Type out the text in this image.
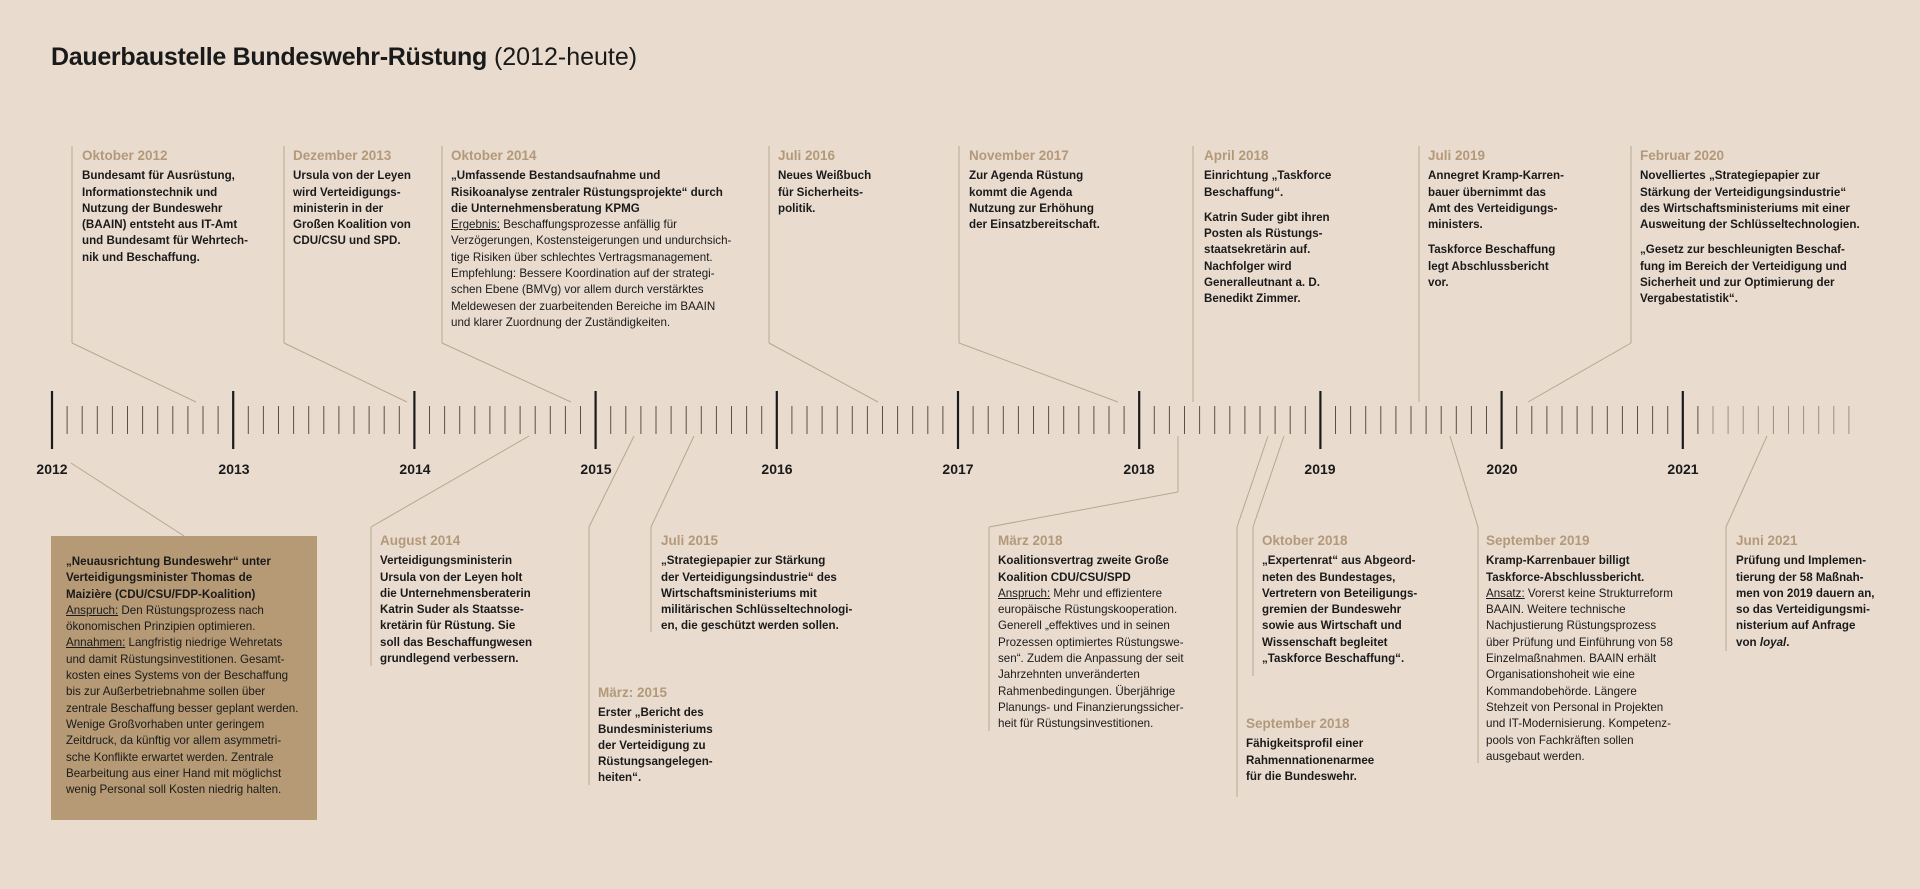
Dauerbaustelle Bundeswehr-Rüstung (2012-heute)
2012	2013	2014	2015	2016	2017	2018	2019	2020	2021
Oktober 2012
Bundesamt für Ausrüstung,
Informationstechnik und
Nutzung der Bundeswehr
(BAAIN) entsteht aus IT-Amt
und Bundesamt für Wehrtech-
nik und Beschaffung.
Dezember 2013
Ursula von der Leyen
wird Verteidigungs-
ministerin in der
Großen Koalition von
CDU/CSU und SPD.
Oktober 2014
„Umfassende Bestandsaufnahme und
Risikoanalyse zentraler Rüstungsprojekte“ durch
die Unternehmensberatung KPMG
Ergebnis: Beschaffungsprozesse anfällig für
Verzögerungen, Kostensteigerungen und undurchsich-
tige Risiken über schlechtes Vertragsmanagement.
Empfehlung: Bessere Koordination auf der strategi-
schen Ebene (BMVg) vor allem durch verstärktes
Meldewesen der zuarbeitenden Bereiche im BAAIN
und klarer Zuordnung der Zuständigkeiten.
Juli 2016
Neues Weißbuch
für Sicherheits-
politik.
November 2017
Zur Agenda Rüstung
kommt die Agenda
Nutzung zur Erhöhung
der Einsatzbereitschaft.
April 2018
Einrichtung „Taskforce
Beschaffung“.
Katrin Suder gibt ihren
Posten als Rüstungs-
staatsekretärin auf.
Nachfolger wird
Generalleutnant a. D.
Benedikt Zimmer.
Juli 2019
Annegret Kramp-Karren-
bauer übernimmt das
Amt des Verteidigungs-
ministers.
Taskforce Beschaffung
legt Abschlussbericht
vor.
Februar 2020
Novelliertes „Strategiepapier zur
Stärkung der Verteidigungsindustrie“
des Wirtschaftsministeriums mit einer
Ausweitung der Schlüsseltechnologien.
„Gesetz zur beschleunigten Beschaf-
fung im Bereich der Verteidigung und
Sicherheit und zur Optimierung der
Vergabestatistik“.
„Neuausrichtung Bundeswehr“ unter
Verteidigungsminister Thomas de
Maizière (CDU/CSU/FDP-Koalition)
Anspruch: Den Rüstungsprozess nach
ökonomischen Prinzipien optimieren.
Annahmen: Langfristig niedrige Wehretats
und damit Rüstungsinvestitionen. Gesamt-
kosten eines Systems von der Beschaffung
bis zur Außerbetriebnahme sollen über
zentrale Beschaffung besser geplant werden.
Wenige Großvorhaben unter geringem
Zeitdruck, da künftig vor allem asymmetri-
sche Konflikte erwartet werden. Zentrale
Bearbeitung aus einer Hand mit möglichst
wenig Personal soll Kosten niedrig halten.
August 2014
Verteidigungsministerin
Ursula von der Leyen holt
die Unternehmensberaterin
Katrin Suder als Staatsse-
kretärin für Rüstung. Sie
soll das Beschaffungwesen
grundlegend verbessern.
Juli 2015
„Strategiepapier zur Stärkung
der Verteidigungsindustrie“ des
Wirtschaftsministeriums mit
militärischen Schlüsseltechnologi-
en, die geschützt werden sollen.
März: 2015
Erster „Bericht des
Bundesministeriums
der Verteidigung zu
Rüstungsangelegen-
heiten“.
März 2018
Koalitionsvertrag zweite Große
Koalition CDU/CSU/SPD
Anspruch: Mehr und effizientere
europäische Rüstungskooperation.
Generell „effektives und in seinen
Prozessen optimiertes Rüstungswe-
sen“. Zudem die Anpassung der seit
Jahrzehnten unveränderten
Rahmenbedingungen. Überjährige
Planungs- und Finanzierungssicher-
heit für Rüstungsinvestitionen.
Oktober 2018
„Expertenrat“ aus Abgeord-
neten des Bundestages,
Vertretern von Beteiligungs-
gremien der Bundeswehr
sowie aus Wirtschaft und
Wissenschaft begleitet
„Taskforce Beschaffung“.
September 2018
Fähigkeitsprofil einer
Rahmennationenarmee
für die Bundeswehr.
September 2019
Kramp-Karrenbauer billigt
Taskforce-Abschlussbericht.
Ansatz: Vorerst keine Strukturreform
BAAIN. Weitere technische
Nachjustierung Rüstungsprozess
über Prüfung und Einführung von 58
Einzelmaßnahmen. BAAIN erhält
Organisationshoheit wie eine
Kommandobehörde. Längere
Stehzeit von Personal in Projekten
und IT-Modernisierung. Kompetenz-
pools von Fachkräften sollen
ausgebaut werden.
Juni 2021
Prüfung und Implemen-
tierung der 58 Maßnah-
men von 2019 dauern an,
so das Verteidigungsmi-
nisterium auf Anfrage
von loyal.
